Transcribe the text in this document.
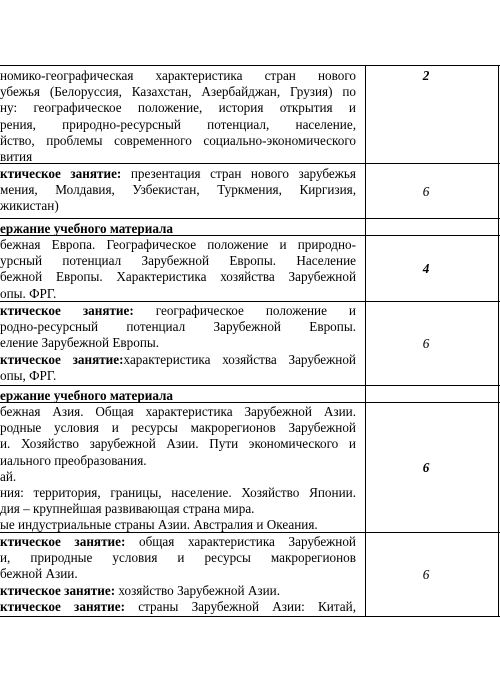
номико-географическая характеристика стран нового
убежья (Белоруссия, Казахстан, Азербайджан, Грузия) по
ну: географическое положение, история открытия и
рения, природно-ресурсный потенциал, население,
йство, проблемы современного социально-экономического
вития
2
ктическое занятие: презентация стран нового зарубежья
мения, Молдавия, Узбекистан, Туркмения, Киргизия,
жикистан)
6
ержание учебного материала
бежная Европа. Географическое положение и природно-
урсный потенциал Зарубежной Европы. Население
бежной Европы. Характеристика хозяйства Зарубежной
опы. ФРГ.
4
ктическое занятие: географическое положение и
родно-ресурсный потенциал Зарубежной Европы.
еление Зарубежной Европы.
ктическое занятие:характеристика хозяйства Зарубежной
опы, ФРГ.
6
ержание учебного материала
бежная Азия. Общая характеристика Зарубежной Азии.
родные условия и ресурсы макрорегионов Зарубежной
и. Хозяйство зарубежной Азии. Пути экономического и
иального преобразования.
ай.
ния: территория, границы, население. Хозяйство Японии.
дия – крупнейшая развивающая страна мира.
ые индустриальные страны Азии. Австралия и Океания.
6
ктическое занятие: общая характеристика Зарубежной
и, природные условия и ресурсы макрорегионов
бежной Азии.
ктическое занятие: хозяйство Зарубежной Азии.
ктическое занятие: страны Зарубежной Азии: Китай,
6
